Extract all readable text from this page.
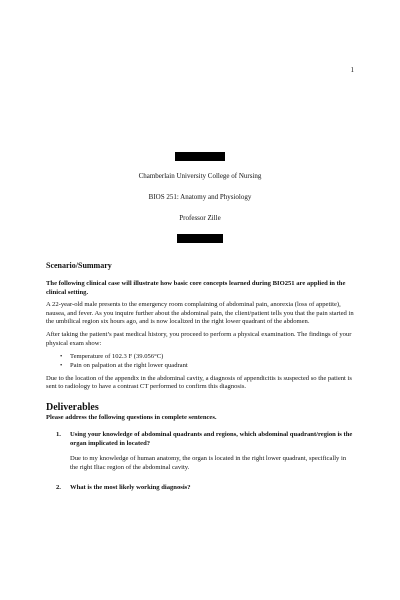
1
Chamberlain University College of Nursing
BIOS 251: Anatomy and Physiology
Professor Zille
Scenario/Summary
The following clinical case will illustrate how basic core concepts learned during BIO251 are applied in the clinical setting.
A 22-year-old male presents to the emergency room complaining of abdominal pain, anorexia (loss of appetite), nausea, and fever. As you inquire further about the abdominal pain, the client/patient tells you that the pain started in the umbilical region six hours ago, and is now localized in the right lower quadrant of the abdomen.
After taking the patient’s past medical history, you proceed to perform a physical examination. The findings of your physical exam show:
• Temperature of 102.3 F (39.056°C)
• Pain on palpation at the right lower quadrant
Due to the location of the appendix in the abdominal cavity, a diagnosis of appendicitis is suspected so the patient is sent to radiology to have a contrast CT performed to confirm this diagnosis.
Deliverables
Please address the following questions in complete sentences.
1.	Using your knowledge of abdominal quadrants and regions, which abdominal quadrant/region is the organ implicated in located?
Due to my knowledge of human anatomy, the organ is located in the right lower quadrant, specifically in the right Iliac region of the abdominal cavity.
2.	What is the most likely working diagnosis?
